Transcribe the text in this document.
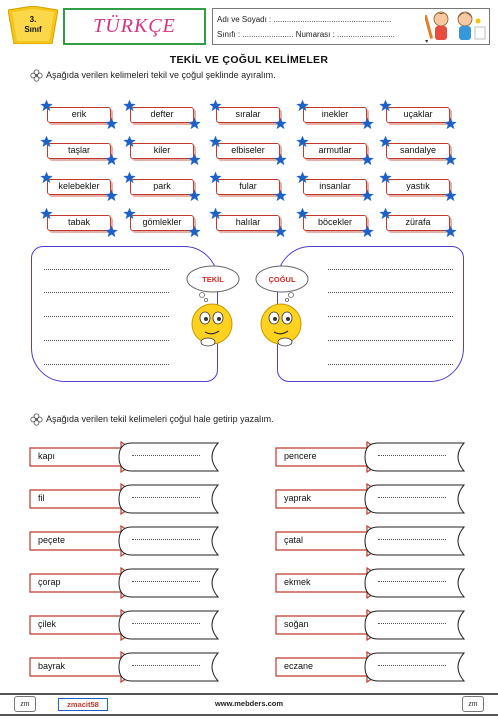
3.
Sınıf	TÜRKÇE	Adı ve Soyadı : .....................................................
Sınıfı : ....................... Numarası : ..........................
TEKİL VE ÇOĞUL KELİMELER
Aşağıda verilen kelimeleri tekil ve çoğul şeklinde ayıralım.
erik	defter	sıralar	inekler	uçaklar
taşlar	kiler	elbiseler	armutlar	sandalye
kelebekler	park	fular	insanlar	yastık
tabak	gömlekler	halılar	böcekler	zürafa
TEKİL	ÇOĞUL
Aşağıda verilen tekil kelimeleri çoğul hale getirip yazalım.
kapı
fil
peçete
çorap
çilek
bayrak
pencere
yaprak
çatal
ekmek
soğan
eczane
zm	zmacit58	www.mebders.com	zm
